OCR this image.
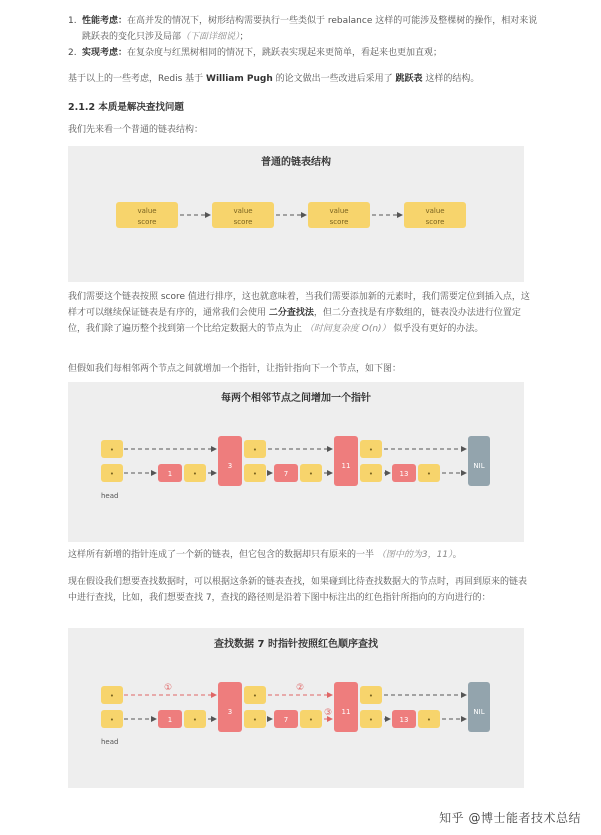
1. 性能考虑：在高并发的情况下，树形结构需要执行一些类似于 rebalance 这样的可能涉及整棵树的操作，相对来说跳跃表的变化只涉及局部（下面详细说）；
2. 实现考虑：在复杂度与红黑树相同的情况下，跳跃表实现起来更简单，看起来也更加直观；

基于以上的一些考虑，Redis 基于 William Pugh 的论文做出一些改进后采用了 跳跃表 这样的结构。

2.1.2 本质是解决查找问题

我们先来看一个普通的链表结构：

普通的链表结构
value
score
value
score
value
score
value
score

我们需要这个链表按照 score 值进行排序，这也就意味着，当我们需要添加新的元素时，我们需要定位到插入点，这样才可以继续保证链表是有序的，通常我们会使用 二分查找法，但二分查找是有序数组的，链表没办法进行位置定位，我们除了遍历整个找到第一个比给定数据大的节点为止 （时间复杂度 O(n)） 似乎没有更好的办法。

但假如我们每相邻两个节点之间就增加一个指针，让指针指向下一个节点，如下图：

每两个相邻节点之间增加一个指针
•
•
head
1	•
3
•
•	7	•
11
•
•	13	•
NIL

这样所有新增的指针连成了一个新的链表，但它包含的数据却只有原来的一半 （图中的为3，11）。

现在假设我们想要查找数据时，可以根据这条新的链表查找，如果碰到比待查找数据大的节点时，再回到原来的链表中进行查找，比如，我们想要查找 7，查找的路径则是沿着下图中标注出的红色指针所指向的方向进行的：

查找数据 7 时指针按照红色顺序查找
•
•
head
1	•
3
•
•	7	•
11
•
•	13	•
NIL
①	②
③
知乎 @博士能者技术总结
